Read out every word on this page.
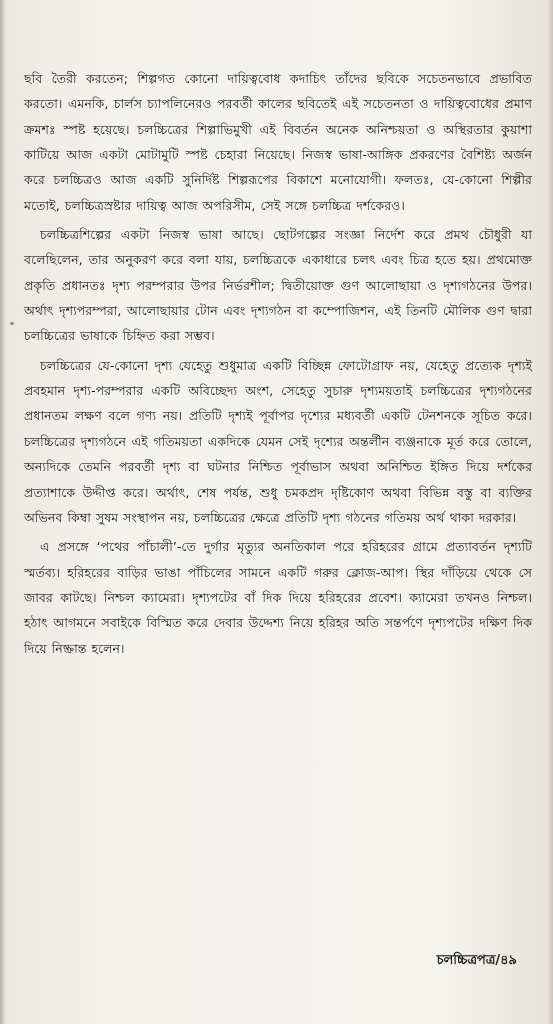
ছবি তৈরী করতেন; শিল্পগত কোনো দায়িত্ববোধ কদাচিৎ তাঁদের ছবিকে সচেতনভাবে প্রভাবিত করতো। এমনকি, চার্লস চ্যাপলিনেরও পরবর্তী কালের ছবিতেই এই সচেতনতা ও দায়িত্ববোধের প্রমাণ ক্রমশঃ স্পষ্ট হয়েছে। চলচ্চিত্রের শিল্পাভিমুখী এই বিবর্তন অনেক অনিশ্চয়তা ও অস্থিরতার কুয়াশা কাটিয়ে আজ একটা মোটামুটি স্পষ্ট চেহারা নিয়েছে। নিজস্ব ভাষা-আঙ্গিক প্রকরণের বৈশিষ্ট্য অর্জন করে চলচ্চিত্রও আজ একটি সুনির্দিষ্ট শিল্পরূপের বিকাশে মনোযোগী। ফলতঃ, যে-কোনো শিল্পীর মতোই, চলচ্চিত্রস্রষ্টার দায়িত্ব আজ অপরিসীম, সেই সঙ্গে চলচ্চিত্র দর্শকেরও।

চলচ্চিত্রশিল্পের একটা নিজস্ব ভাষা আছে। ছোটগল্পের সংজ্ঞা নির্দেশ করে প্রমথ চৌধুরী যা বলেছিলেন, তার অনুকরণ করে বলা যায়, চলচ্চিত্রকে একাধারে চলৎ এবং চিত্র হতে হয়। প্রথমোক্ত প্রকৃতি প্রধানতঃ দৃশ্য পরম্পরার উপর নির্ভরশীল; দ্বিতীয়োক্ত গুণ আলোছায়া ও দৃশ্যগঠনের উপর। অর্থাৎ দৃশ্যপরম্পরা, আলোছায়ার টোন এবং দৃশ্যগঠন বা কম্পোজিশন, এই তিনটি মৌলিক গুণ দ্বারা চলচ্চিত্রের ভাষাকে চিহ্নিত করা সম্ভব।

চলচ্চিত্রের যে-কোনো দৃশ্য যেহেতু শুধুমাত্র একটি বিচ্ছিন্ন ফোটোগ্রাফ নয়, যেহেতু প্রত্যেক দৃশ্যই প্রবহমান দৃশ্য-পরম্পরার একটি অবিচ্ছেদ্য অংশ, সেহেতু সুচারু দৃশ্যময়তাই চলচ্চিত্রের দৃশ্যগঠনের প্রধানতম লক্ষণ বলে গণ্য নয়। প্রতিটি দৃশ্যই পূর্বাপর দৃশ্যের মধ্যবর্তী একটি টেনশনকে সূচিত করে। চলচ্চিত্রের দৃশ্যগঠনে এই গতিময়তা একদিকে যেমন সেই দৃশ্যের অন্তর্লীন ব্যঞ্জনাকে মূর্ত করে তোলে, অন্যদিকে তেমনি পরবর্তী দৃশ্য বা ঘটনার নিশ্চিত পূর্বাভাস অথবা অনিশ্চিত ইঙ্গিত দিয়ে দর্শকের প্রত্যাশাকে উদ্দীপ্ত করে। অর্থাৎ, শেষ পর্যন্ত, শুধু চমকপ্রদ দৃষ্টিকোণ অথবা বিভিন্ন বস্তু বা ব্যক্তির অভিনব কিম্বা সুষম সংস্থাপন নয়, চলচ্চিত্রের ক্ষেত্রে প্রতিটি দৃশ্য গঠনের গতিময় অর্থ থাকা দরকার।

এ প্রসঙ্গে ‘পথের পাঁচালী’-তে দুর্গার মৃত্যুর অনতিকাল পরে হরিহরের গ্রামে প্রত্যাবর্তন দৃশ্যটি স্মর্তব্য। হরিহরের বাড়ির ভাঙা পাঁচিলের সামনে একটি গরুর ক্লোজ-আপ। স্থির দাঁড়িয়ে থেকে সে জাবর কাটছে। নিশ্চল ক্যামেরা। দৃশ্যপটের বাঁ দিক দিয়ে হরিহরের প্রবেশ। ক্যামেরা তখনও নিশ্চল। হঠাৎ আগমনে সবাইকে বিস্মিত করে দেবার উদ্দেশ্য নিয়ে হরিহর অতি সন্তর্পণে দৃশ্যপটের দক্ষিণ দিক দিয়ে নিষ্ক্রান্ত হলেন।

চলচ্চিত্রপত্র/৪৯
